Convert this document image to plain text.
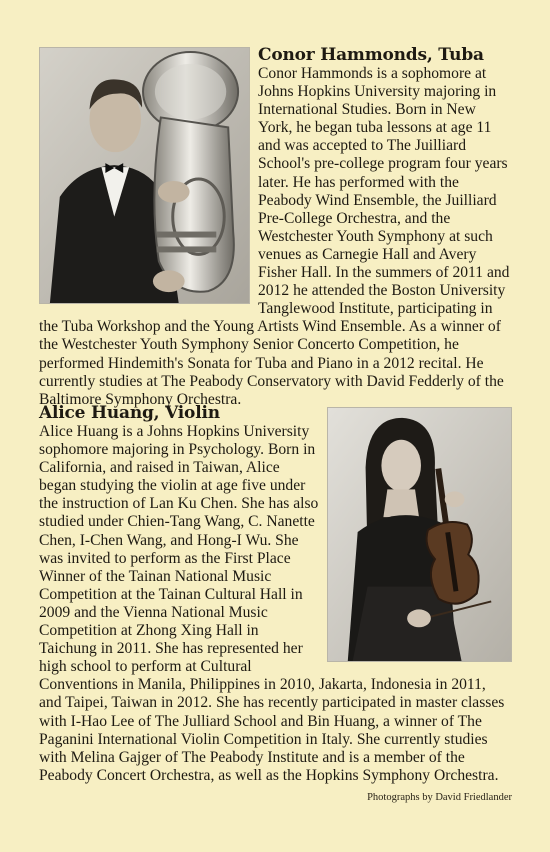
Conor Hammonds, Tuba

Conor Hammonds is a sophomore at Johns Hopkins University majoring in International Studies. Born in New York, he began tuba lessons at age 11 and was accepted to The Juilliard School's pre-college program four years later. He has performed with the Peabody Wind Ensemble, the Juilliard Pre-College Orchestra, and the Westchester Youth Symphony at such venues as Carnegie Hall and Avery Fisher Hall. In the summers of 2011 and 2012 he attended the Boston University Tanglewood Institute, participating in the Tuba Workshop and the Young Artists Wind Ensemble. As a winner of the Westchester Youth Symphony Senior Concerto Competition, he performed Hindemith's Sonata for Tuba and Piano in a 2012 recital. He currently studies at The Peabody Conservatory with David Fedderly of the Baltimore Symphony Orchestra.

Alice Huang, Violin

Alice Huang is a Johns Hopkins University sophomore majoring in Psychology. Born in California, and raised in Taiwan, Alice began studying the violin at age five under the instruction of Lan Ku Chen. She has also studied under Chien-Tang Wang, C. Nanette Chen, I-Chen Wang, and Hong-I Wu. She was invited to perform as the First Place Winner of the Tainan National Music Competition at the Tainan Cultural Hall in 2009 and the Vienna National Music Competition at Zhong Xing Hall in Taichung in 2011. She has represented her high school to perform at Cultural Conventions in Manila, Philippines in 2010, Jakarta, Indonesia in 2011, and Taipei, Taiwan in 2012. She has recently participated in master classes with I-Hao Lee of The Julliard School and Bin Huang, a winner of The Paganini International Violin Competition in Italy. She currently studies with Melina Gajger of The Peabody Institute and is a member of the Peabody Concert Orchestra, as well as the Hopkins Symphony Orchestra.

Photographs by David Friedlander
